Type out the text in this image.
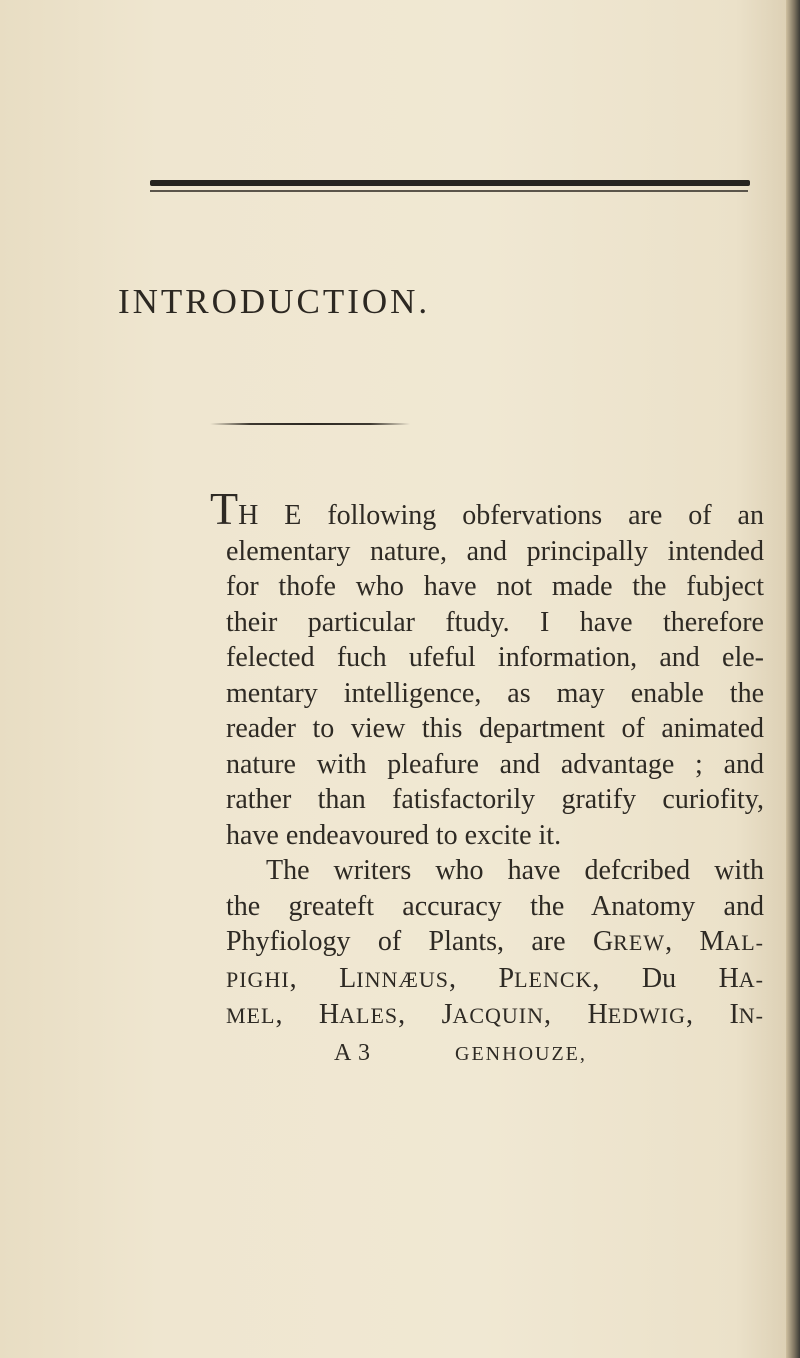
INTRODUCTION.
TH E following obfervations are of an
elementary nature, and principally intended
for thofe who have not made the fubject
their particular ftudy. I have therefore
felected fuch ufeful information, and ele-
mentary intelligence, as may enable the
reader to view this department of animated
nature with pleafure and advantage ; and
rather than fatisfactorily gratify curiofity,
have endeavoured to excite it.
The writers who have defcribed with
the greateft accuracy the Anatomy and
Phyfiology of Plants, are GREW, MAL-
PIGHI, LINNÆUS, PLENCK, Du HA-
MEL, HALES, JACQUIN, HEDWIG, IN-
A 3	GENHOUZE,
